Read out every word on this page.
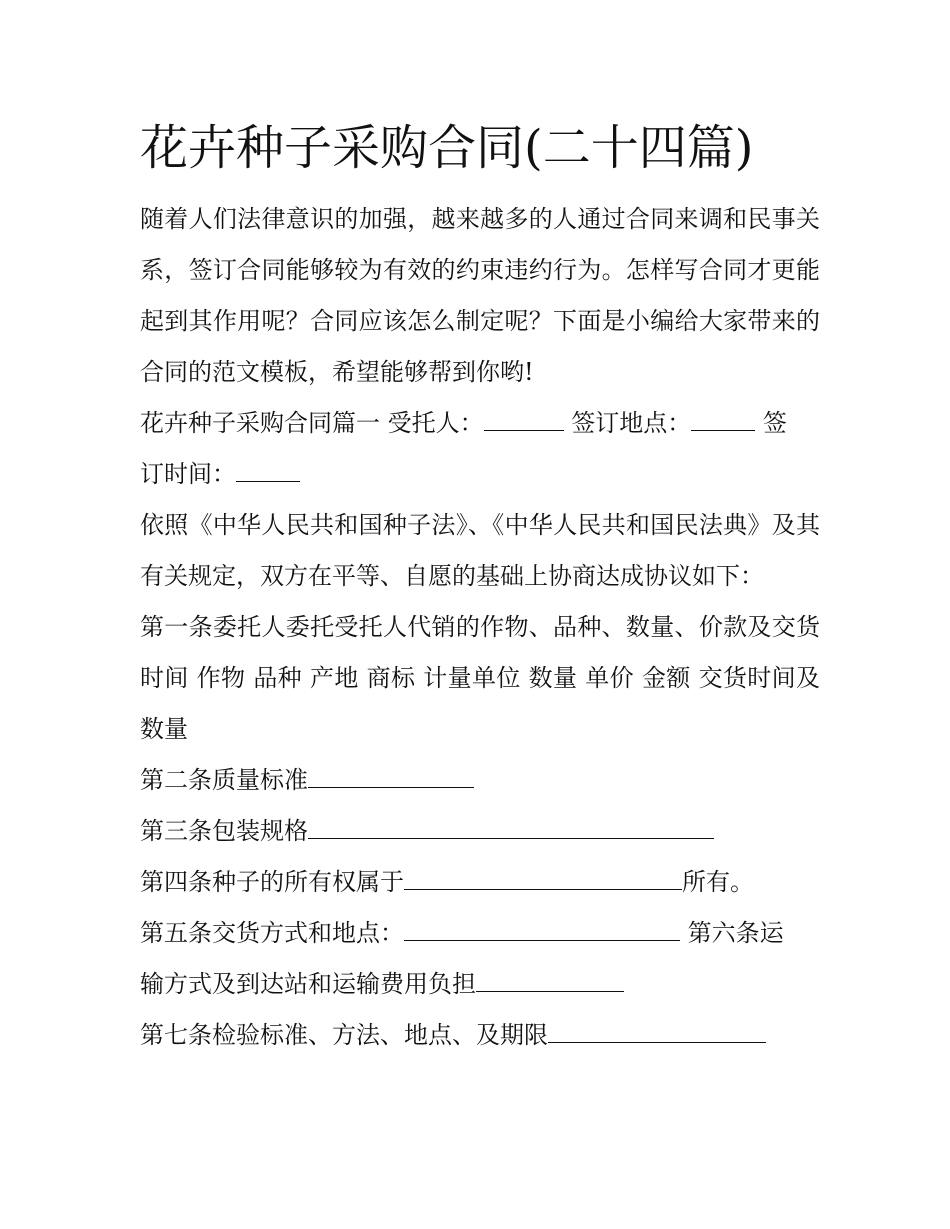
花卉种子采购合同(二十四篇)

随着人们法律意识的加强，越来越多的人通过合同来调和民事关系，签订合同能够较为有效的约束违约行为。怎样写合同才更能起到其作用呢？合同应该怎么制定呢？下面是小编给大家带来的合同的范文模板，希望能够帮到你哟!

花卉种子采购合同篇一 受托人：	签订地点：	签

订时间：

依照《中华人民共和国种子法》、《中华人民共和国民法典》及其有关规定，双方在平等、自愿的基础上协商达成协议如下：

第一条委托人委托受托人代销的作物、品种、数量、价款及交货时间 作物 品种 产地 商标 计量单位 数量 单价 金额 交货时间及数量

第二条质量标准

第三条包装规格

第四条种子的所有权属于	所有。

第五条交货方式和地点：	第六条运

输方式及到达站和运输费用负担

第七条检验标准、方法、地点、及期限
